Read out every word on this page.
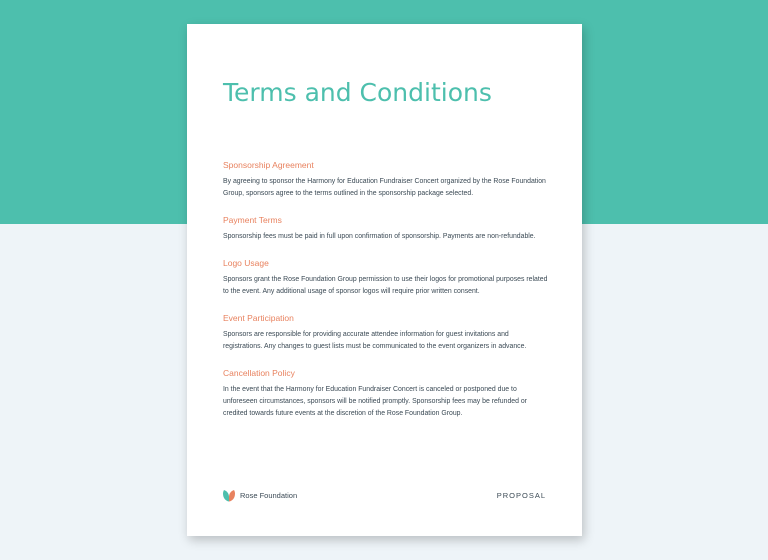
Terms and Conditions
Sponsorship Agreement

By agreeing to sponsor the Harmony for Education Fundraiser Concert organized by the Rose Foundation Group, sponsors agree to the terms outlined in the sponsorship package selected.

Payment Terms

Sponsorship fees must be paid in full upon confirmation of sponsorship. Payments are non-refundable.

Logo Usage

Sponsors grant the Rose Foundation Group permission to use their logos for promotional purposes related to the event. Any additional usage of sponsor logos will require prior written consent.

Event Participation

Sponsors are responsible for providing accurate attendee information for guest invitations and registrations. Any changes to guest lists must be communicated to the event organizers in advance.

Cancellation Policy

In the event that the Harmony for Education Fundraiser Concert is canceled or postponed due to unforeseen circumstances, sponsors will be notified promptly. Sponsorship fees may be refunded or credited towards future events at the discretion of the Rose Foundation Group.

Rose Foundation	PROPOSAL
